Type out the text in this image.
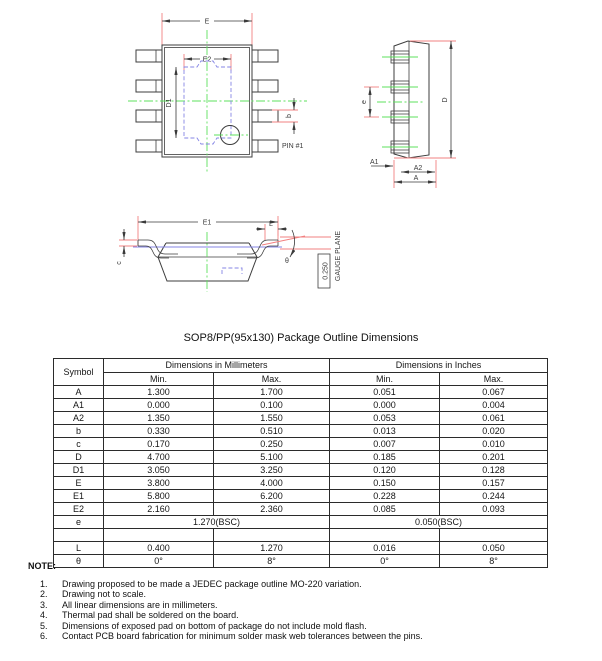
E
E2
D1
b
PIN #1
e	D
A1
A2
A
E1
c
L
θ
0.250 GAUGE PLANE
SOP8/PP(95x130) Package Outline Dimensions
Symbol	Dimensions in Millimeters		Dimensions in Inches	
	Min.	Max.	Min.	Max.
A	1.300	1.700	0.051	0.067
A1	0.000	0.100	0.000	0.004
A2	1.350	1.550	0.053	0.061
b	0.330	0.510	0.013	0.020
c	0.170	0.250	0.007	0.010
D	4.700	5.100	0.185	0.201
D1	3.050	3.250	0.120	0.128
E	3.800	4.000	0.150	0.157
E1	5.800	6.200	0.228	0.244
E2	2.160	2.360	0.085	0.093
e	1.270(BSC)		0.050(BSC)	

L	0.400	1.270	0.016	0.050
θ	0°	8°	0°	8°
NOTE:
1.	Drawing proposed to be made a JEDEC package outline MO-220 variation.
2.	Drawing not to scale.
3.	All linear dimensions are in millimeters.
4.	Thermal pad shall be soldered on the board.
5.	Dimensions of exposed pad on bottom of package do not include mold flash.
6.	Contact PCB board fabrication for minimum solder mask web tolerances between the pins.
